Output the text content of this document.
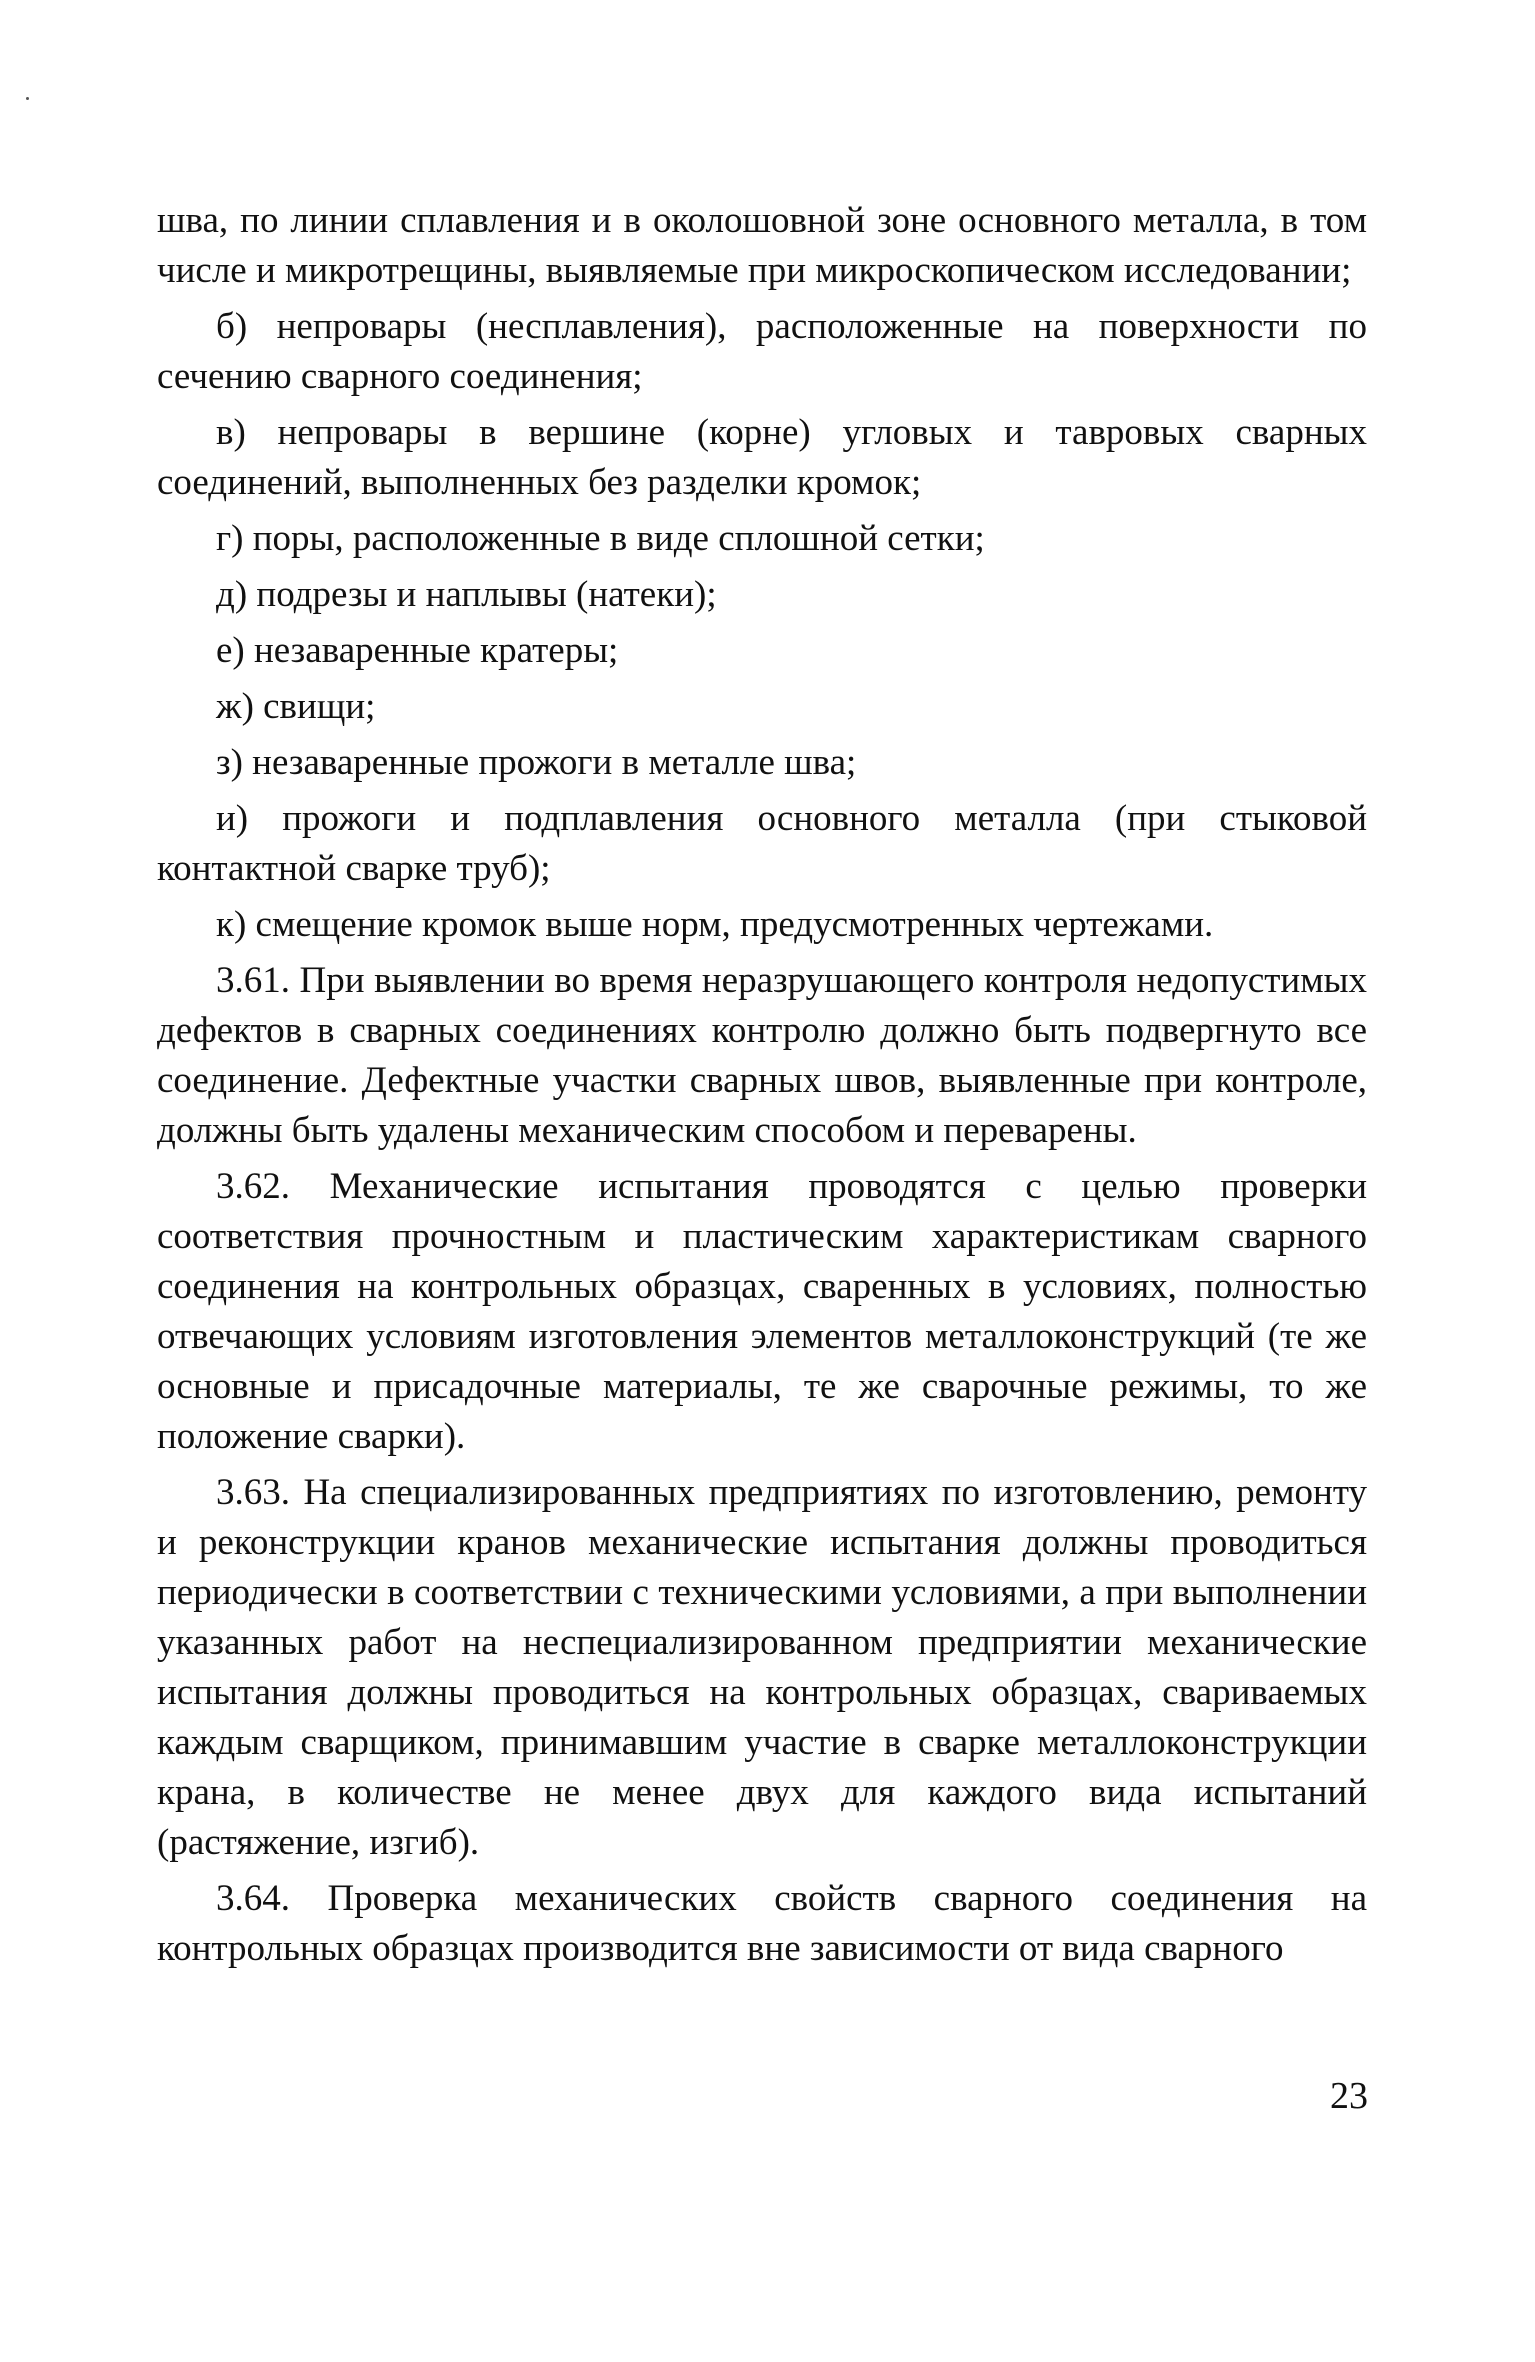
шва, по линии сплавления и в околошовной зоне основного металла, в том числе и микротрещины, выявляемые при микроскопическом исследовании;

б) непровары (несплавления), расположенные на поверхности по сечению сварного соединения;

в) непровары в вершине (корне) угловых и тавровых сварных соединений, выполненных без разделки кромок;

г) поры, расположенные в виде сплошной сетки;

д) подрезы и наплывы (натеки);

е) незаваренные кратеры;

ж) свищи;

з) незаваренные прожоги в металле шва;

и) прожоги и подплавления основного металла (при стыковой контактной сварке труб);

к) смещение кромок выше норм, предусмотренных чертежами.

3.61. При выявлении во время неразрушающего контроля недопустимых дефектов в сварных соединениях контролю должно быть подвергнуто все соединение. Дефектные участки сварных швов, выявленные при контроле, должны быть удалены механическим способом и переварены.

3.62. Механические испытания проводятся с целью проверки соответствия прочностным и пластическим характеристикам сварного соединения на контрольных образцах, сваренных в условиях, полностью отвечающих условиям изготовления элементов металлоконструкций (те же основные и присадочные материалы, те же сварочные режимы, то же положение сварки).

3.63. На специализированных предприятиях по изготовлению, ремонту и реконструкции кранов механические испытания должны проводиться периодически в соответствии с техническими условиями, а при выполнении указанных работ на неспециализированном предприятии механические испытания должны проводиться на контрольных образцах, свариваемых каждым сварщиком, принимавшим участие в сварке металлоконструкции крана, в количестве не менее двух для каждого вида испытаний (растяжение, изгиб).

3.64. Проверка механических свойств сварного соединения на контрольных образцах производится вне зависимости от вида сварного

23
